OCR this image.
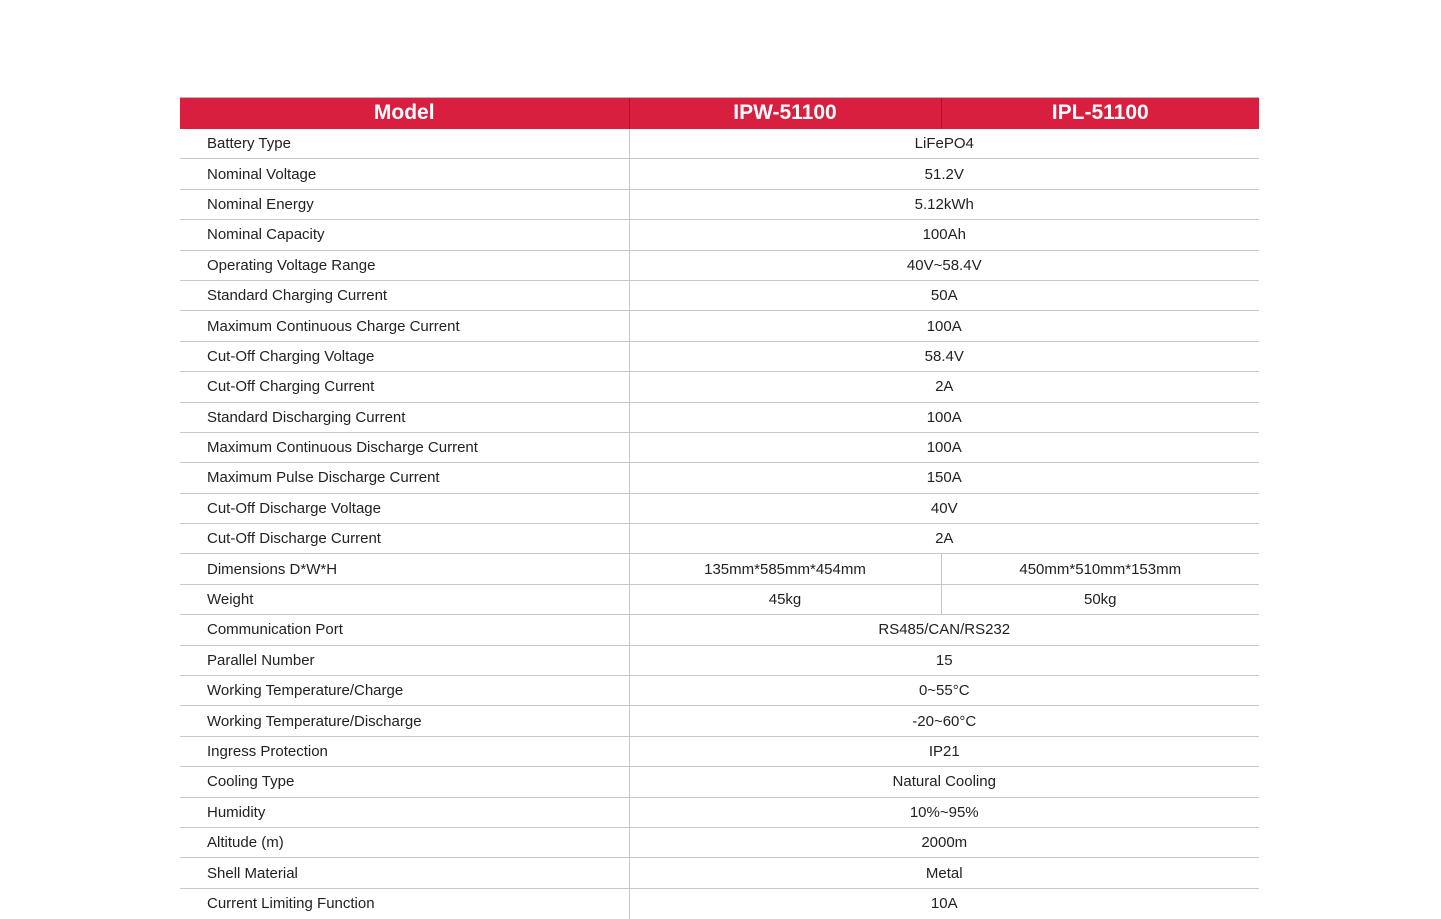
Model	IPW-51100	IPL-51100
Battery Type	LiFePO4	
Nominal Voltage	51.2V	
Nominal Energy	5.12kWh	
Nominal Capacity	100Ah	
Operating Voltage Range	40V~58.4V	
Standard Charging Current	50A	
Maximum Continuous Charge Current	100A	
Cut-Off Charging Voltage	58.4V	
Cut-Off Charging Current	2A	
Standard Discharging Current	100A	
Maximum Continuous Discharge Current	100A	
Maximum Pulse Discharge Current	150A	
Cut-Off Discharge Voltage	40V	
Cut-Off Discharge Current	2A	
Dimensions D*W*H	135mm*585mm*454mm	450mm*510mm*153mm
Weight	45kg	50kg
Communication Port	RS485/CAN/RS232	
Parallel Number	15	
Working Temperature/Charge	0~55°C	
Working Temperature/Discharge	-20~60°C	
Ingress Protection	IP21	
Cooling Type	Natural Cooling	
Humidity	10%~95%	
Altitude (m)	2000m	
Shell Material	Metal	
Current Limiting Function	10A	
